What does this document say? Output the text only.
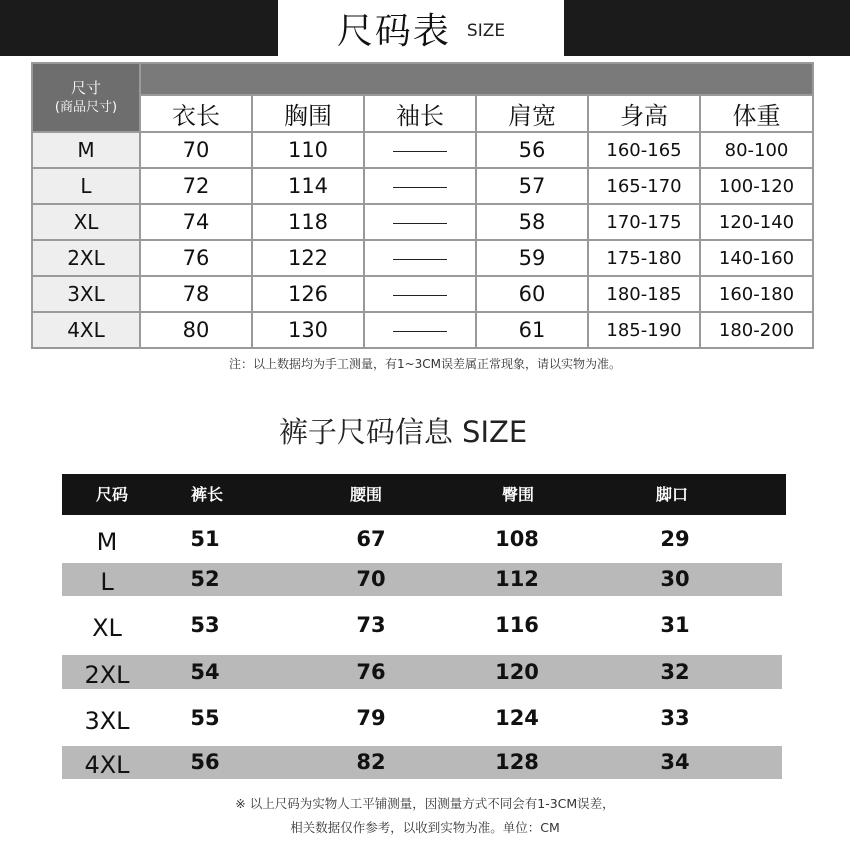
尺码表 SIZE
尺寸
(商品尺寸)						

	衣长	胸围	袖长	肩宽	身高	体重
M	70	110		56	160-165	80-100
L	72	114		57	165-170	100-120
XL	74	118		58	170-175	120-140
2XL	76	122		59	175-180	140-160
3XL	78	126		60	180-185	160-180
4XL	80	130		61	185-190	180-200
注：以上数据均为手工测量，有1~3CM误差属正常现象，请以实物为准。
裤子尺码信息 SIZE
尺码	裤长	腰围	臀围	脚口
M	51	67	108	29
L	52	70	112	30
XL	53	73	116	31
2XL	54	76	120	32
3XL	55	79	124	33
4XL	56	82	128	34
※ 以上尺码为实物人工平铺测量，因测量方式不同会有1-3CM误差，
相关数据仅作参考，以收到实物为准。单位：CM
